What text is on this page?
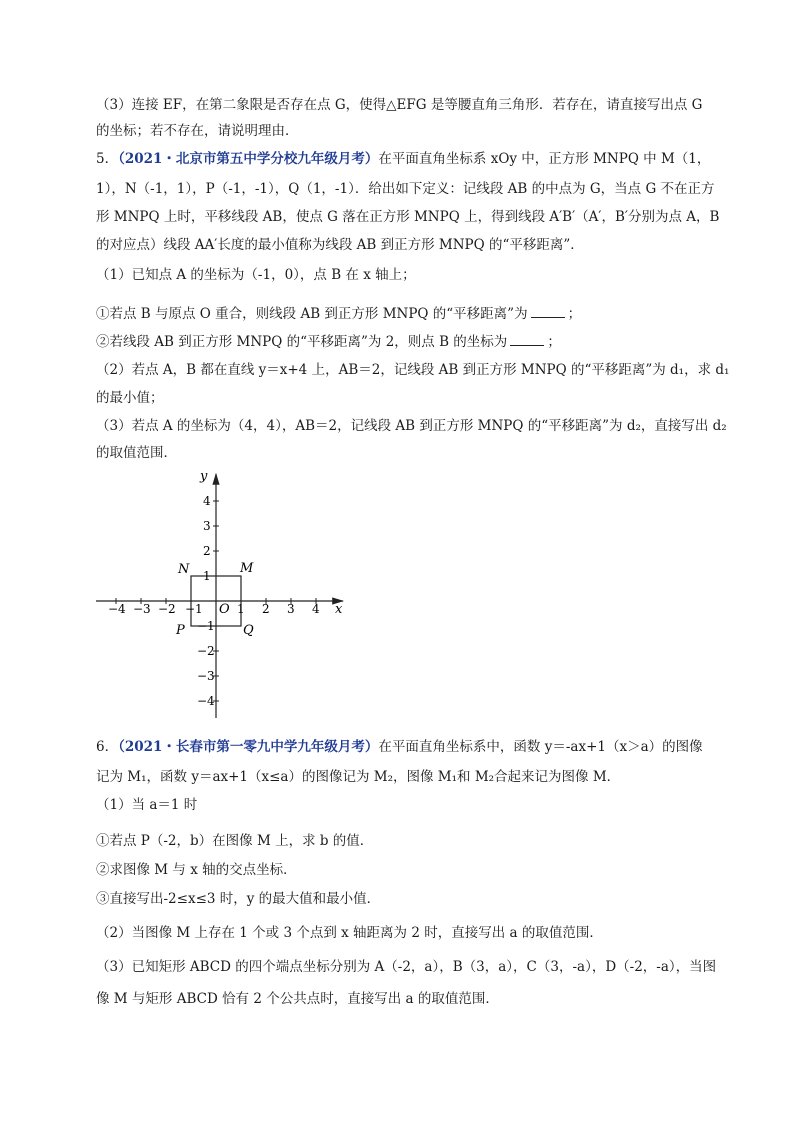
（3）连接 EF，在第二象限是否存在点 G，使得△EFG 是等腰直角三角形．若存在，请直接写出点 G
的坐标；若不存在，请说明理由．
5．（2021・北京市第五中学分校九年级月考）在平面直角坐标系 xOy 中，正方形 MNPQ 中 M（1，
1），N（-1，1），P（-1，-1），Q（1，-1）．给出如下定义：记线段 AB 的中点为 G，当点 G 不在正方
形 MNPQ 上时，平移线段 AB，使点 G 落在正方形 MNPQ 上，得到线段 A′B′（A′，B′分别为点 A，B
的对应点）线段 AA′长度的最小值称为线段 AB 到正方形 MNPQ 的“平移距离”．
（1）已知点 A 的坐标为（-1，0），点 B 在 x 轴上；
①若点 B 与原点 O 重合，则线段 AB 到正方形 MNPQ 的“平移距离”为	；
②若线段 AB 到正方形 MNPQ 的“平移距离”为 2，则点 B 的坐标为	；
（2）若点 A，B 都在直线 y＝x+4 上，AB＝2，记线段 AB 到正方形 MNPQ 的“平移距离”为 d₁，求 d₁
的最小值；
（3）若点 A 的坐标为（4，4），AB＝2，记线段 AB 到正方形 MNPQ 的“平移距离”为 d₂，直接写出 d₂
的取值范围．
−4 −3 −2 −1	1 2 3 4
4
3
2
1
−1
−2
−3
−4
x
y
O
N	M
P	Q
6．（2021・长春市第一零九中学九年级月考）在平面直角坐标系中，函数 y＝-ax+1（x＞a）的图像
记为 M₁，函数 y＝ax+1（x≤a）的图像记为 M₂，图像 M₁和 M₂合起来记为图像 M．
（1）当 a＝1 时
①若点 P（-2，b）在图像 M 上，求 b 的值．
②求图像 M 与 x 轴的交点坐标．
③直接写出-2≤x≤3 时，y 的最大值和最小值．
（2）当图像 M 上存在 1 个或 3 个点到 x 轴距离为 2 时，直接写出 a 的取值范围．
（3）已知矩形 ABCD 的四个端点坐标分别为 A（-2，a），B（3，a），C（3，-a），D（-2，-a），当图
像 M 与矩形 ABCD 恰有 2 个公共点时，直接写出 a 的取值范围．
